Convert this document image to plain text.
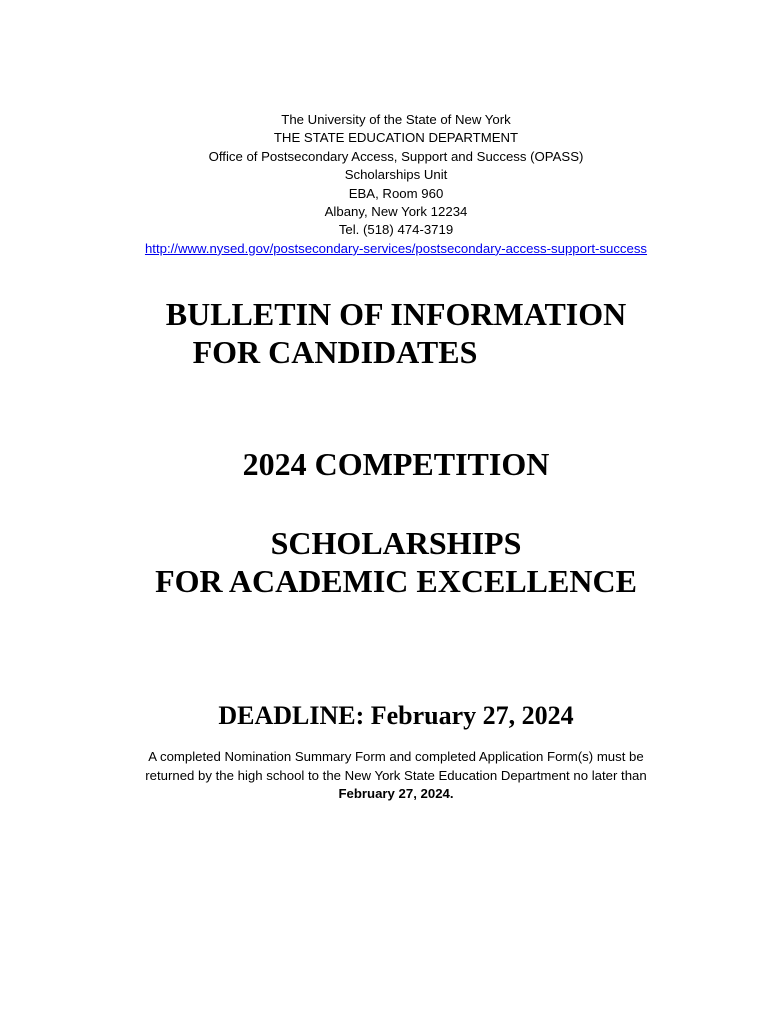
The University of the State of New York
THE STATE EDUCATION DEPARTMENT
Office of Postsecondary Access, Support and Success (OPASS)
Scholarships Unit
EBA, Room 960
Albany, New York 12234
Tel. (518) 474-3719
http://www.nysed.gov/postsecondary-services/postsecondary-access-support-success
BULLETIN OF INFORMATION
FOR CANDIDATES
2024 COMPETITION
SCHOLARSHIPS
FOR ACADEMIC EXCELLENCE
DEADLINE: February 27, 2024
A completed Nomination Summary Form and completed Application Form(s) must be
returned by the high school to the New York State Education Department no later than
February 27, 2024.
